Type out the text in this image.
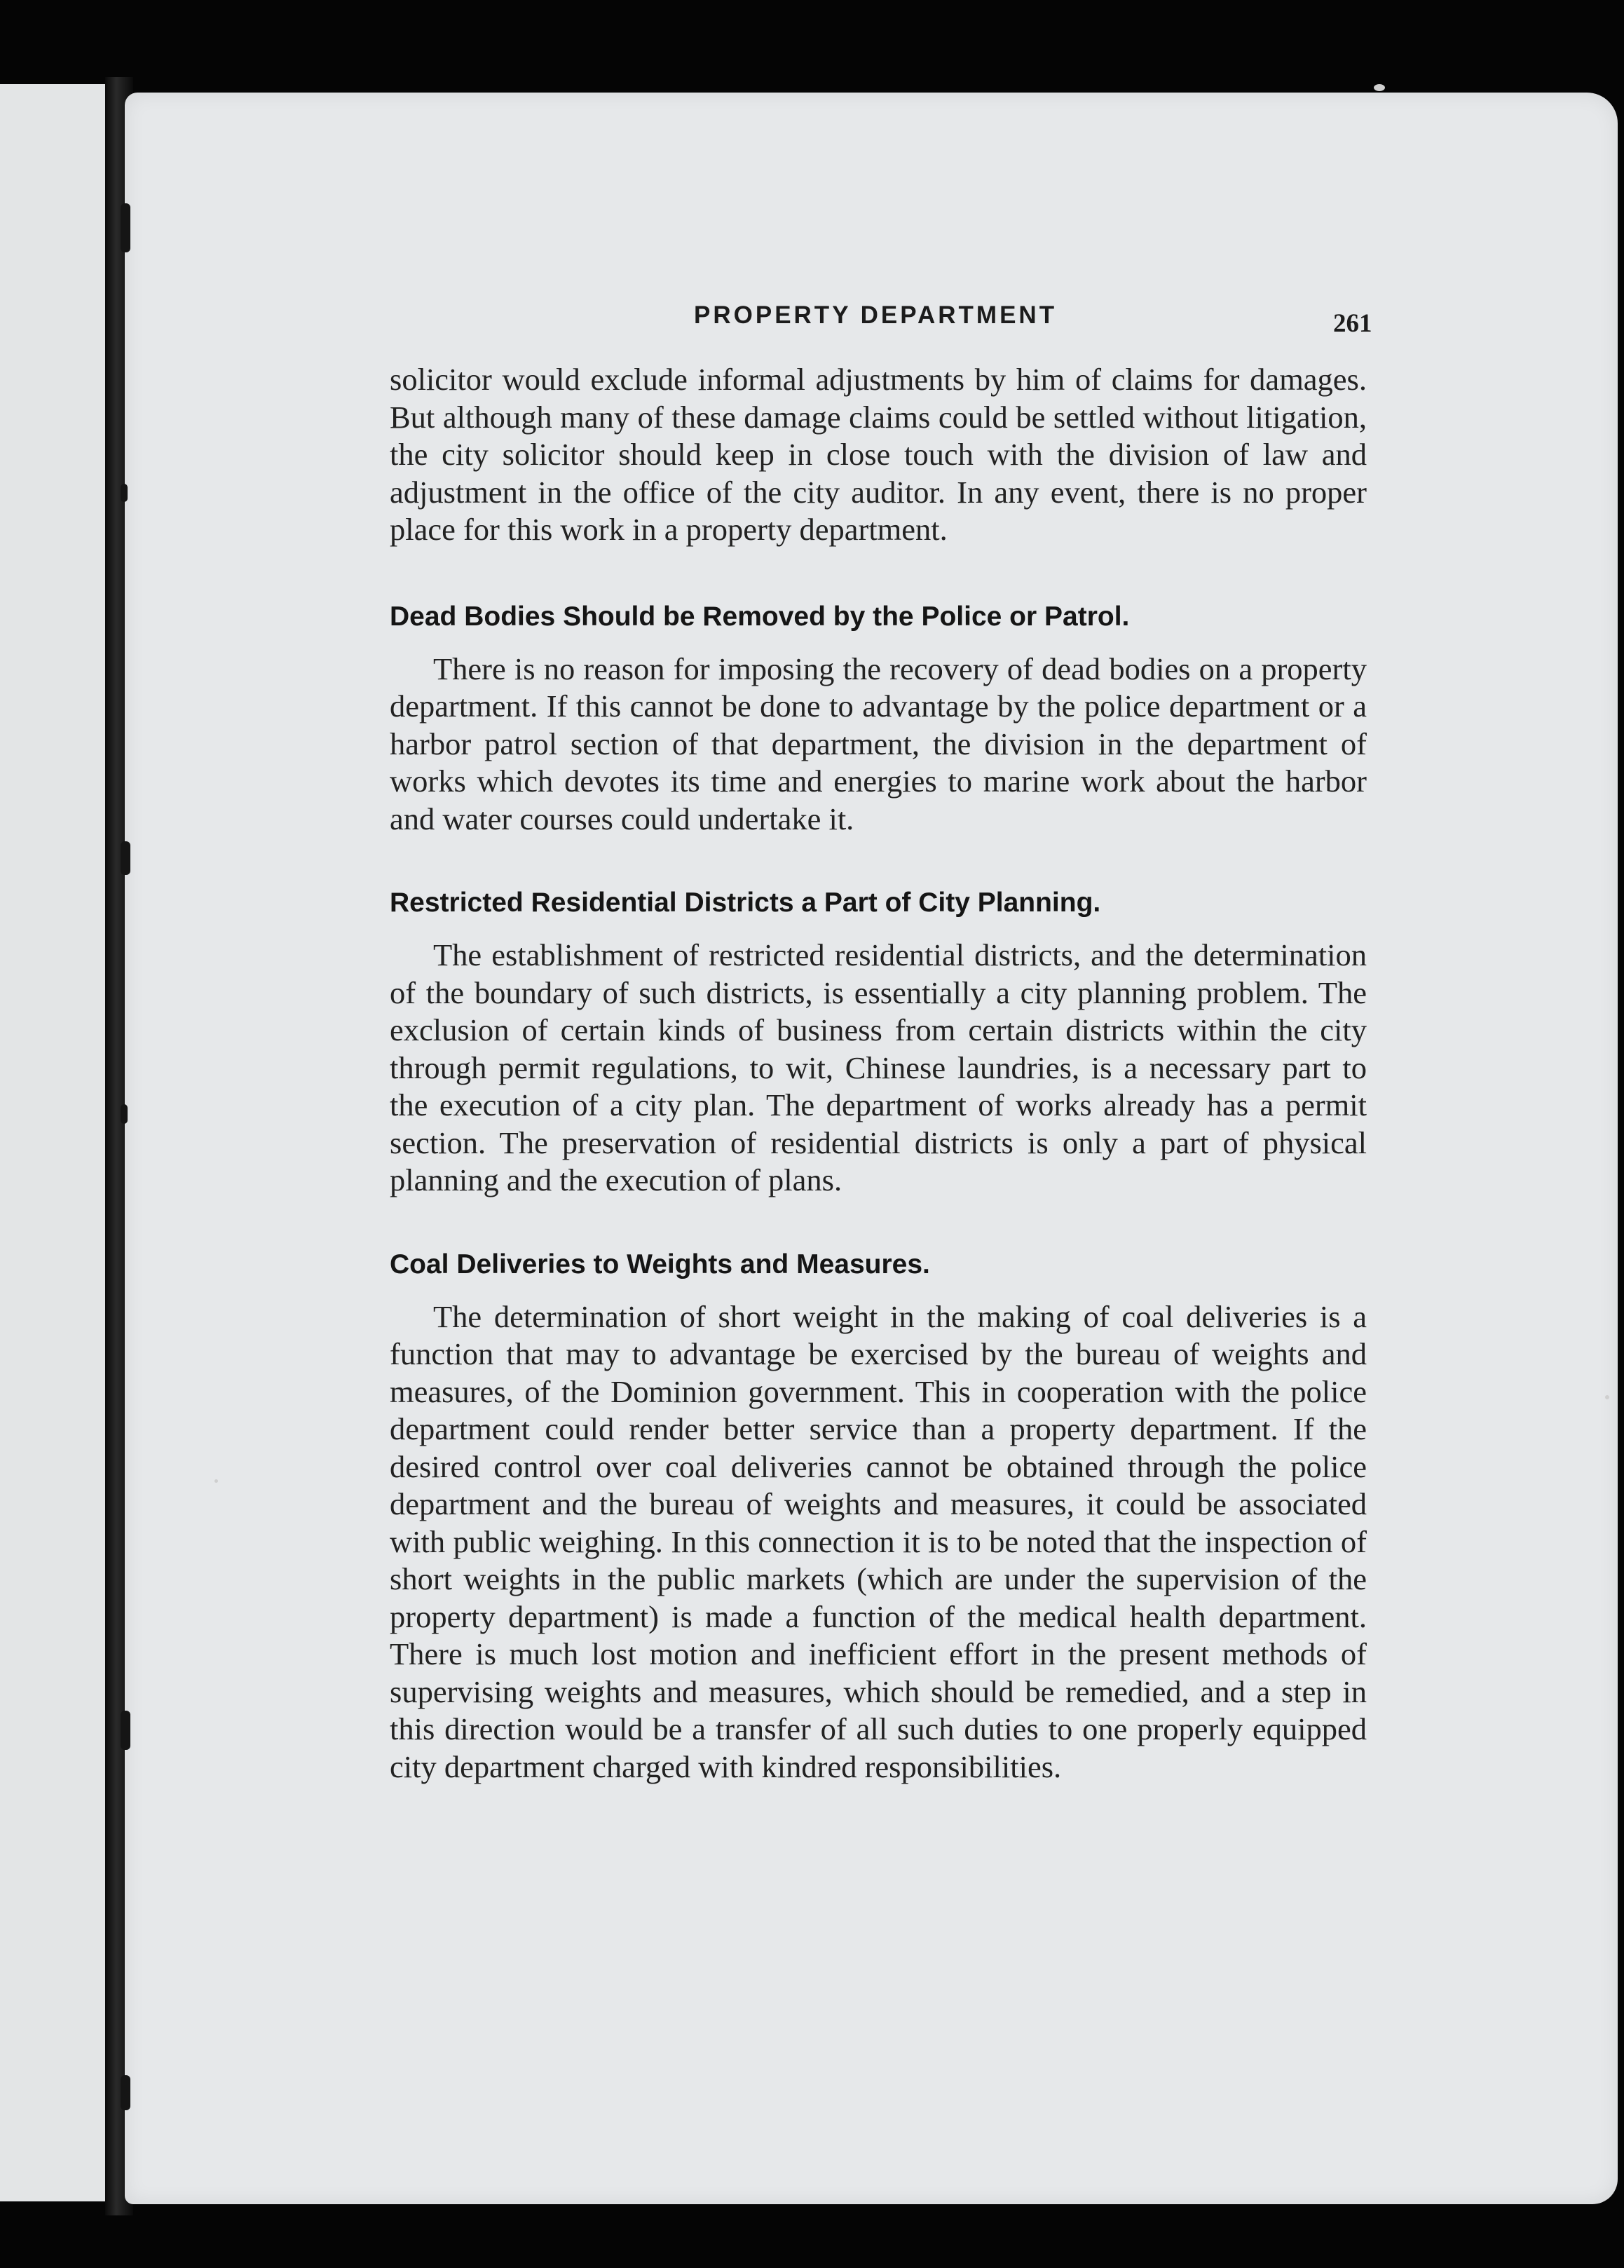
PROPERTY DEPARTMENT	261

solicitor would exclude informal adjustments by him of claims for damages. But although many of these damage claims could be settled without litigation, the city solicitor should keep in close touch with the division of law and adjustment in the office of the city auditor. In any event, there is no proper place for this work in a property department.

Dead Bodies Should be Removed by the Police or Patrol.

There is no reason for imposing the recovery of dead bodies on a property department. If this cannot be done to advantage by the police department or a harbor patrol section of that department, the division in the department of works which devotes its time and energies to marine work about the harbor and water courses could undertake it.

Restricted Residential Districts a Part of City Planning.

The establishment of restricted residential districts, and the determination of the boundary of such districts, is essentially a city planning problem. The exclusion of certain kinds of business from certain districts within the city through permit regulations, to wit, Chinese laundries, is a necessary part to the execution of a city plan. The department of works already has a permit section. The preservation of residential districts is only a part of physical planning and the execution of plans.

Coal Deliveries to Weights and Measures.

The determination of short weight in the making of coal deliveries is a function that may to advantage be exercised by the bureau of weights and measures, of the Dominion government. This in cooperation with the police department could render better service than a property department. If the desired control over coal deliveries cannot be obtained through the police department and the bureau of weights and measures, it could be associated with public weighing. In this connection it is to be noted that the inspection of short weights in the public markets (which are under the supervision of the property department) is made a function of the medical health department. There is much lost motion and inefficient effort in the present methods of supervising weights and measures, which should be remedied, and a step in this direction would be a transfer of all such duties to one properly equipped city department charged with kindred responsibilities.
